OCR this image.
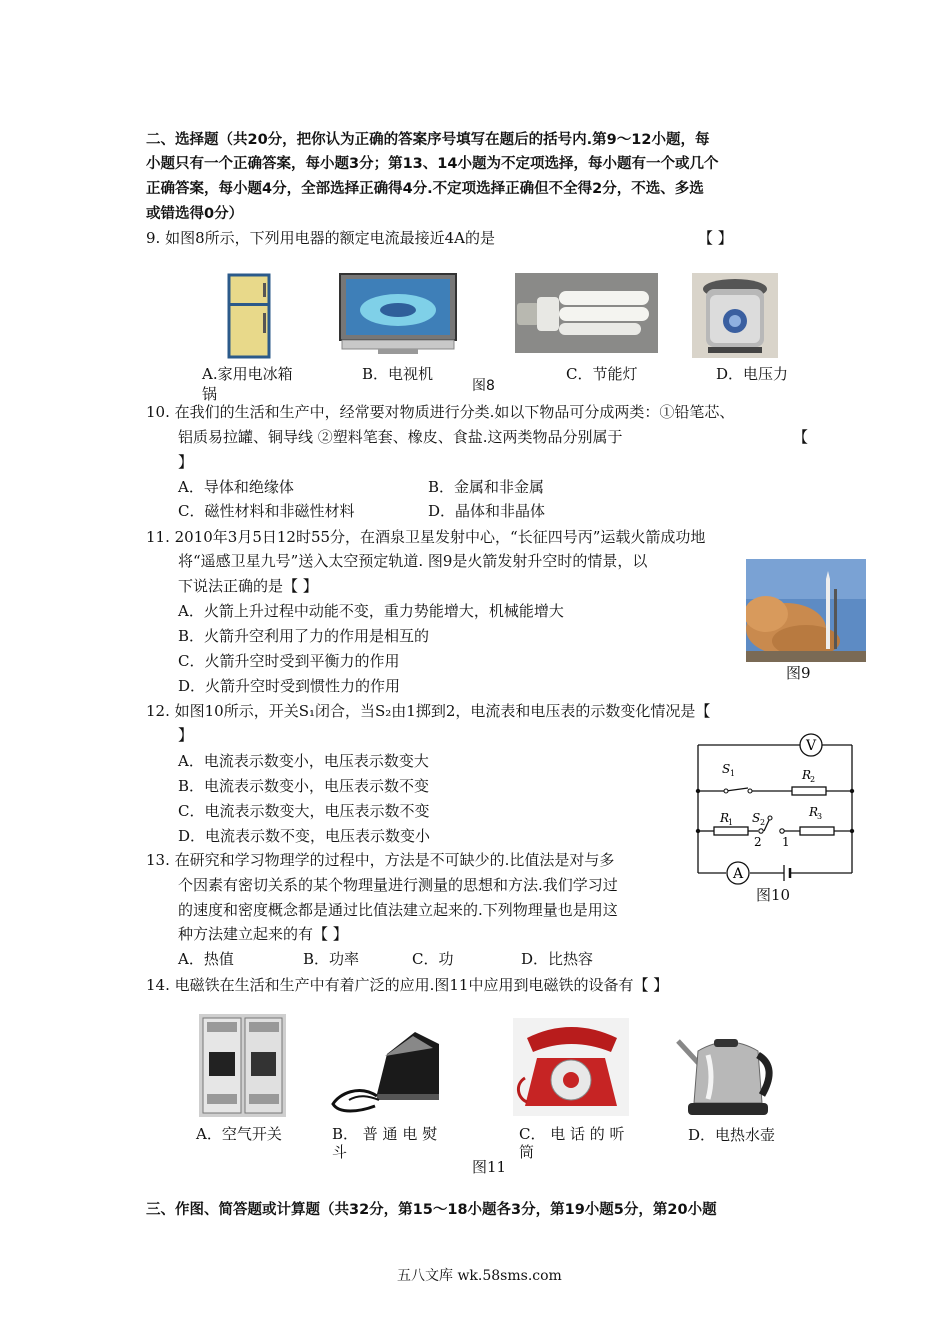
二、选择题（共20分，把你认为正确的答案序号填写在题后的括号内.第9～12小题，每
小题只有一个正确答案，每小题3分；第13、14小题为不定项选择，每小题有一个或几个
正确答案，每小题4分，全部选择正确得4分.不定项选择正确但不全得2分，不选、多选
或错选得0分）
9. 如图8所示，下列用电器的额定电流最接近4A的是	【 】
A.家用电冰箱
锅
B．电视机
图8
C．节能灯	D．电压力
10. 在我们的生活和生产中，经常要对物质进行分类.如以下物品可分成两类：①铅笔芯、
铝质易拉罐、铜导线 ②塑料笔套、橡皮、食盐.这两类物品分别属于	【
】
A．导体和绝缘体	B．金属和非金属
C．磁性材料和非磁性材料	D．晶体和非晶体
11. 2010年3月5日12时55分，在酒泉卫星发射中心，“长征四号丙”运载火箭成功地
将“遥感卫星九号”送入太空预定轨道. 图9是火箭发射升空时的情景，以
下说法正确的是【 】
A．火箭上升过程中动能不变，重力势能增大，机械能增大
B．火箭升空利用了力的作用是相互的
C．火箭升空时受到平衡力的作用
D．火箭升空时受到惯性力的作用
图9
12. 如图10所示，开关S₁闭合，当S₂由1掷到2，电流表和电压表的示数变化情况是【
】
A．电流表示数变小，电压表示数变大
B．电流表示数变小，电压表示数不变
C．电流表示数变大，电压表示数不变
D．电流表示数不变，电压表示数变小
V
A
S 1	R
2
R
1 S 2
R
3
2 1
图10
13. 在研究和学习物理学的过程中，方法是不可缺少的.比值法是对与多
个因素有密切关系的某个物理量进行测量的思想和方法.我们学习过
的速度和密度概念都是通过比值法建立起来的.下列物理量也是用这
种方法建立起来的有【 】
A．热值	B．功率	C．功	D．比热容
14. 电磁铁在生活和生产中有着广泛的应用.图11中应用到电磁铁的设备有【 】
A．空气开关	B． 普 通 电 熨
斗
图11
C． 电 话 的 听
筒
D．电热水壶
三、作图、简答题或计算题（共32分，第15～18小题各3分，第19小题5分，第20小题
五八文库 wk.58sms.com
